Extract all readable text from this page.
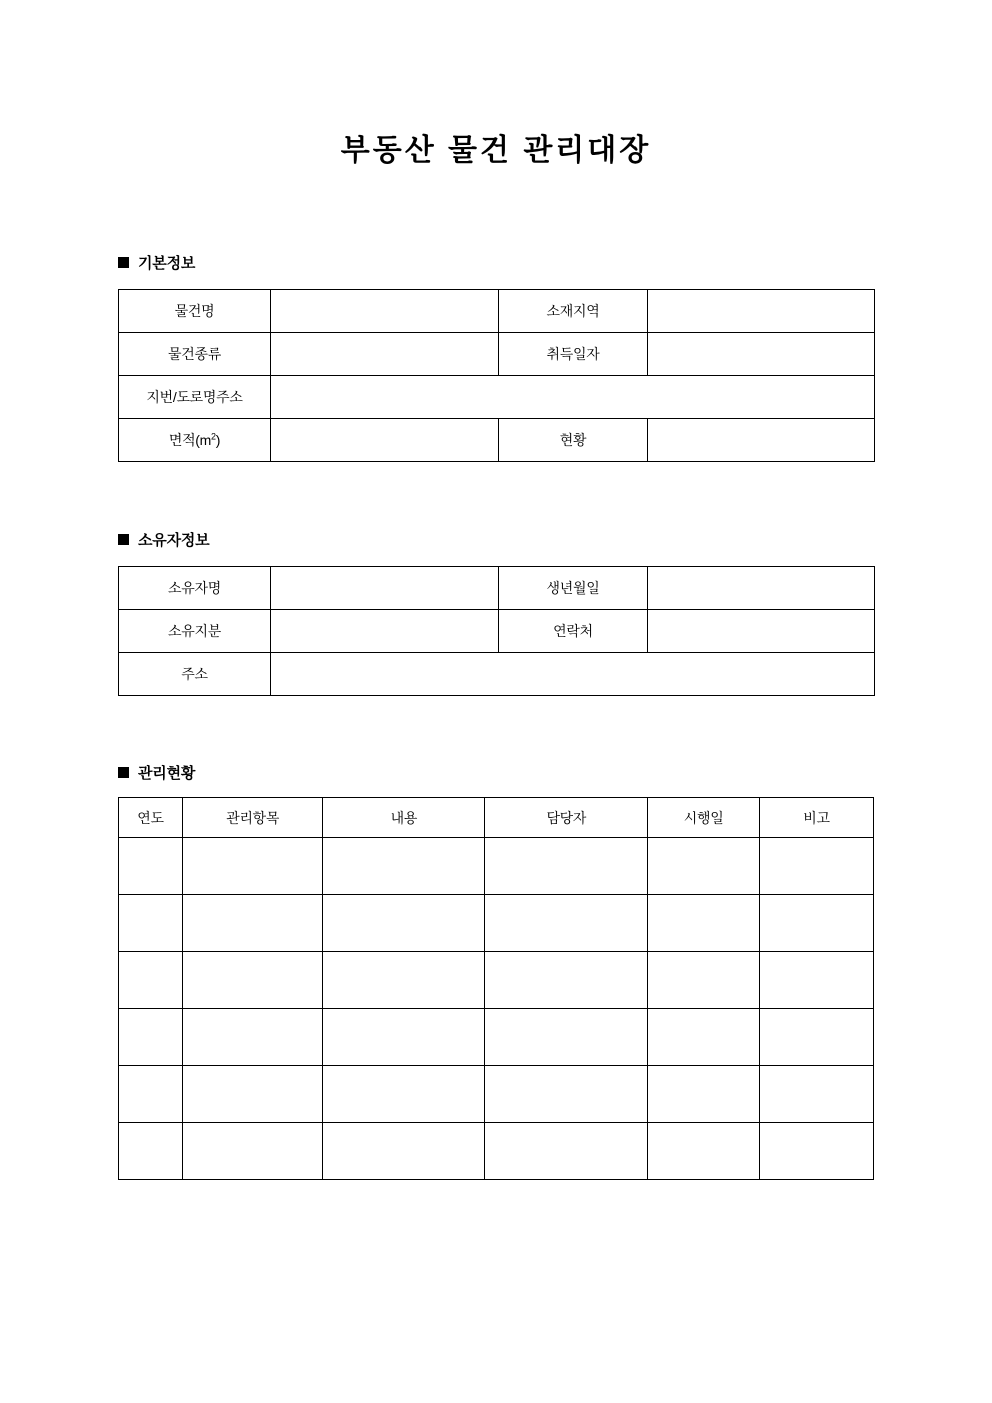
부동산 물건 관리대장
기본정보
물건명		소재지역	
물건종류		취득일자	
지번/도로명주소			
면적$(m^2)$		현황	
소유자정보
소유자명		생년월일	
소유지분		연락처	
주소			
관리현황
연도	관리항목	내용	담당자	시행일	비고
